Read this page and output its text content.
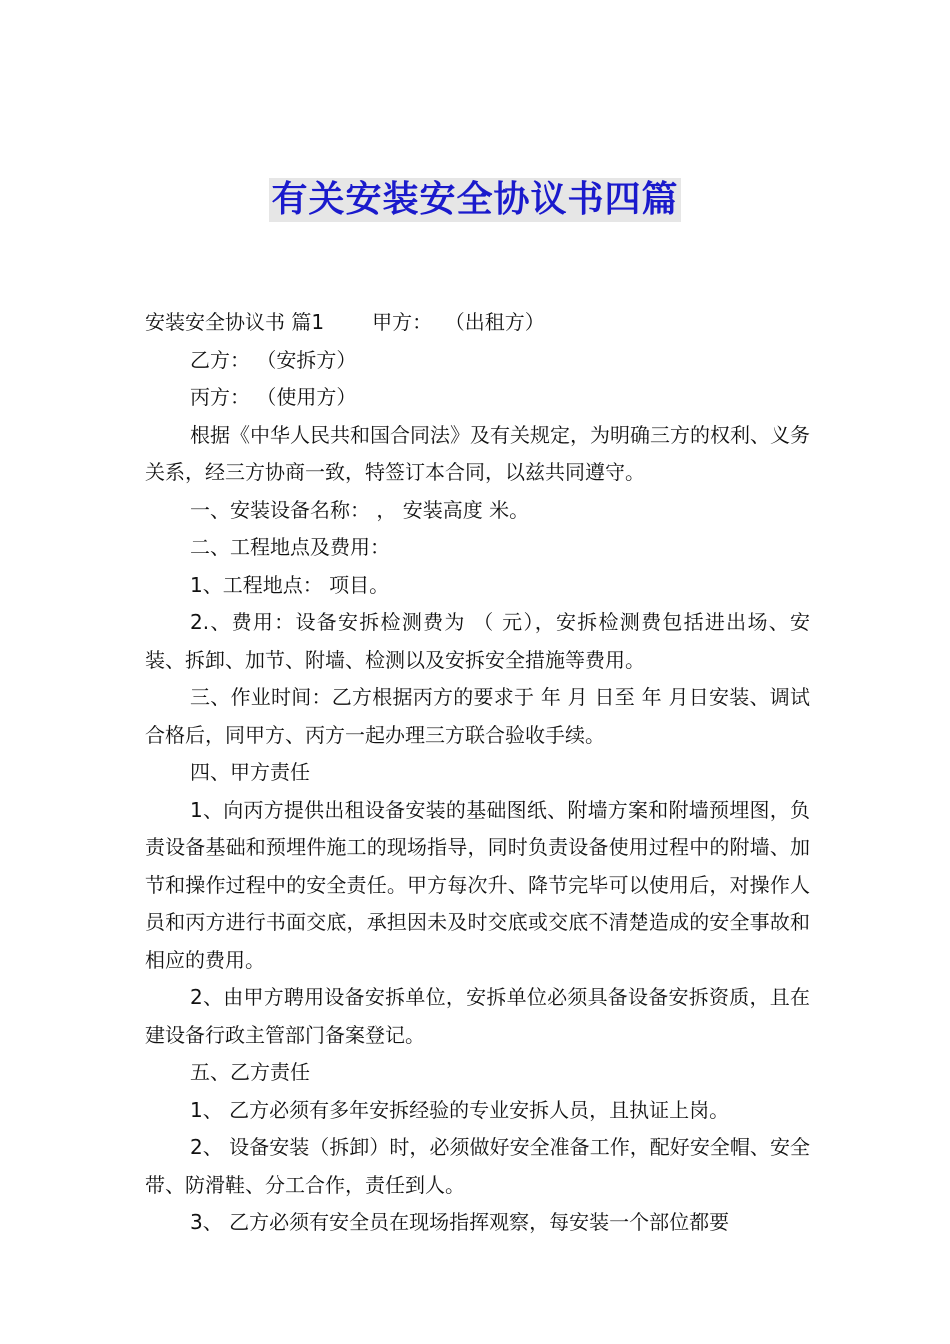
有关安装安全协议书四篇

安装安全协议书 篇1 甲方：  （出租方）

乙方： （安拆方）

丙方： （使用方）

根据《中华人民共和国合同法》及有关规定，为明确三方的权利、义务关系，经三方协商一致，特签订本合同，以兹共同遵守。

一、安装设备名称： ， 安装高度 米。

二、工程地点及费用：

1、工程地点： 项目。

2.、费用：设备安拆检测费为 （ 元），安拆检测费包括进出场、安装、拆卸、加节、附墙、检测以及安拆安全措施等费用。

三、作业时间：乙方根据丙方的要求于 年 月 日至 年 月日安装、调试合格后，同甲方、丙方一起办理三方联合验收手续。

四、甲方责任

1、向丙方提供出租设备安装的基础图纸、附墙方案和附墙预埋图，负责设备基础和预埋件施工的现场指导，同时负责设备使用过程中的附墙、加节和操作过程中的安全责任。甲方每次升、降节完毕可以使用后，对操作人员和丙方进行书面交底，承担因未及时交底或交底不清楚造成的安全事故和相应的费用。

2、由甲方聘用设备安拆单位，安拆单位必须具备设备安拆资质，且在建设备行政主管部门备案登记。

五、乙方责任

1、 乙方必须有多年安拆经验的专业安拆人员，且执证上岗。

2、 设备安装（拆卸）时，必须做好安全准备工作，配好安全帽、安全带、防滑鞋、分工合作，责任到人。

3、 乙方必须有安全员在现场指挥观察，每安装一个部位都要
